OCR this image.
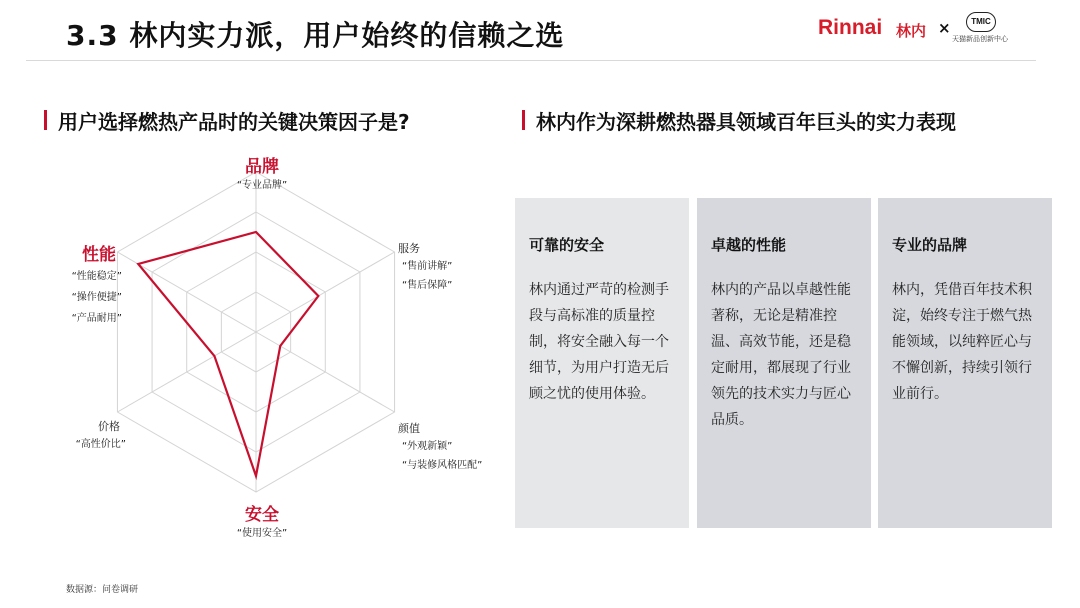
3.3 林内实力派，用户始终的信赖之选	Rinnai 林内 ×	TMIC
天猫新品创新中心
用户选择燃热产品时的关键决策因子是?	林内作为深耕燃热器具领域百年巨头的实力表现
品牌
“专业品牌”
服务
“售前讲解”
“售后保障”
颜值
“外观新颖”
“与装修风格匹配”
安全
“使用安全”
价格
“高性价比”
性能
“性能稳定”
“操作便捷”
“产品耐用”
可靠的安全
林内通过严苛的检测手段与高标准的质量控制，将安全融入每一个细节，为用户打造无后顾之忧的使用体验。
卓越的性能
林内的产品以卓越性能著称，无论是精准控温、高效节能，还是稳定耐用，都展现了行业领先的技术实力与匠心品质。
专业的品牌
林内，凭借百年技术积淀，始终专注于燃气热能领域，以纯粹匠心与不懈创新，持续引领行业前行。
数据源：问卷调研
